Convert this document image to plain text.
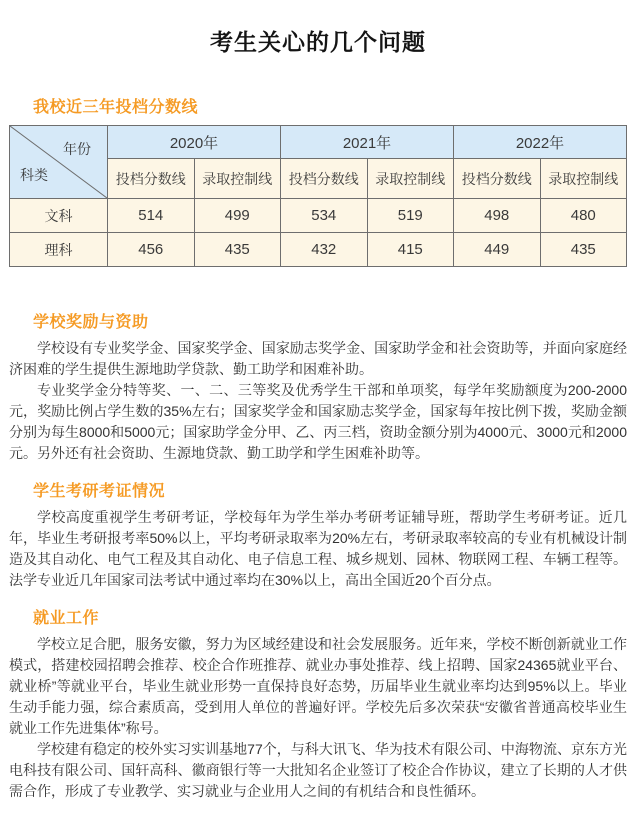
考生关心的几个问题
我校近三年投档分数线
年份
科类	2020年		2021年		2022年	
	投档分数线	录取控制线	投档分数线	录取控制线	投档分数线	录取控制线
文科	514	499	534	519	498	480
理科	456	435	432	415	449	435
学校奖励与资助

学校设有专业奖学金、国家奖学金、国家励志奖学金、国家助学金和社会资助等，并面向家庭经济困难的学生提供生源地助学贷款、勤工助学和困难补助。

专业奖学金分特等奖、一、二、三等奖及优秀学生干部和单项奖，每学年奖励额度为200-2000元，奖励比例占学生数的35%左右；国家奖学金和国家励志奖学金，国家每年按比例下拨，奖励金额分别为每生8000和5000元；国家助学金分甲、乙、丙三档，资助金额分别为4000元、3000元和2000元。另外还有社会资助、生源地贷款、勤工助学和学生困难补助等。

学生考研考证情况

学校高度重视学生考研考证，学校每年为学生举办考研考证辅导班，帮助学生考研考证。近几年，毕业生考研报考率50%以上，平均考研录取率为20%左右，考研录取率较高的专业有机械设计制造及其自动化、电气工程及其自动化、电子信息工程、城乡规划、园林、物联网工程、车辆工程等。法学专业近几年国家司法考试中通过率均在30%以上，高出全国近20个百分点。

就业工作

学校立足合肥，服务安徽，努力为区域经建设和社会发展服务。近年来，学校不断创新就业工作模式，搭建校园招聘会推荐、校企合作班推荐、就业办事处推荐、线上招聘、国家24365就业平台、就业桥”等就业平台，毕业生就业形势一直保持良好态势，历届毕业生就业率均达到95%以上。毕业生动手能力强，综合素质高，受到用人单位的普遍好评。学校先后多次荣获“安徽省普通高校毕业生就业工作先进集体”称号。

学校建有稳定的校外实习实训基地77个，与科大讯飞、华为技术有限公司、中海物流、京东方光电科技有限公司、国轩高科、徽商银行等一大批知名企业签订了校企合作协议，建立了长期的人才供需合作，形成了专业教学、实习就业与企业用人之间的有机结合和良性循环。
